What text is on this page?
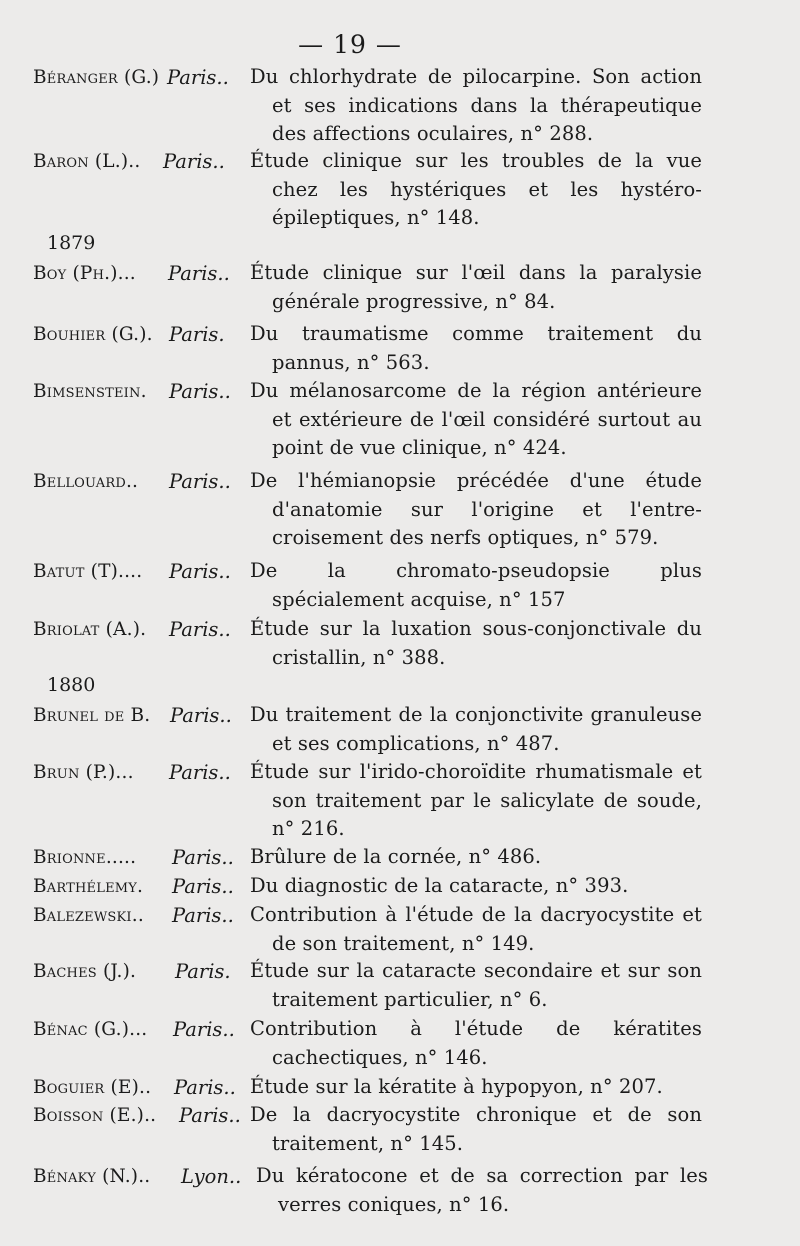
— 19 —
1879
1880
Béranger (G.) Paris.. Du chlorhydrate de pilocarpine. Son action et ses indications dans la thérapeutique des affections oculaires, n° 288.
Baron (L.).. Paris.. Étude clinique sur les troubles de la vue chez les hystériques et les hystéro-épileptiques, n° 148.
Boy (Ph.)... Paris.. Étude clinique sur l'œil dans la paralysie générale progressive, n° 84.
Bouhier (G.). Paris. Du traumatisme comme traitement du pannus, n° 563.
Bimsenstein. Paris.. Du mélanosarcome de la région antérieure et extérieure de l'œil considéré surtout au point de vue clinique, n° 424.
Bellouard.. Paris.. De l'hémianopsie précédée d'une étude d'anatomie sur l'origine et l'entre-croisement des nerfs optiques, n° 579.
Batut (T).... Paris.. De la chromato-pseudopsie plus spécialement acquise, n° 157
Briolat (A.). Paris.. Étude sur la luxation sous-conjonctivale du cristallin, n° 388.
Brunel de B. Paris.. Du traitement de la conjonctivite granuleuse et ses complications, n° 487.
Brun (P.)... Paris.. Étude sur l'irido-choroïdite rhumatismale et son traitement par le salicylate de soude, n° 216.
Brionne..... Paris.. Brûlure de la cornée, n° 486.
Barthélemy. Paris.. Du diagnostic de la cataracte, n° 393.
Balezewski.. Paris.. Contribution à l'étude de la dacryocystite et de son traitement, n° 149.
Baches (J.). Paris. Étude sur la cataracte secondaire et sur son traitement particulier, n° 6.
Bénac (G.)... Paris.. Contribution à l'étude de kératites cachectiques, n° 146.
Boguier (E).. Paris.. Étude sur la kératite à hypopyon, n° 207.
Boisson (E.).. Paris.. De la dacryocystite chronique et de son traitement, n° 145.
Bénaky (N.).. Lyon.. Du kératocone et de sa correction par les verres coniques, n° 16.
